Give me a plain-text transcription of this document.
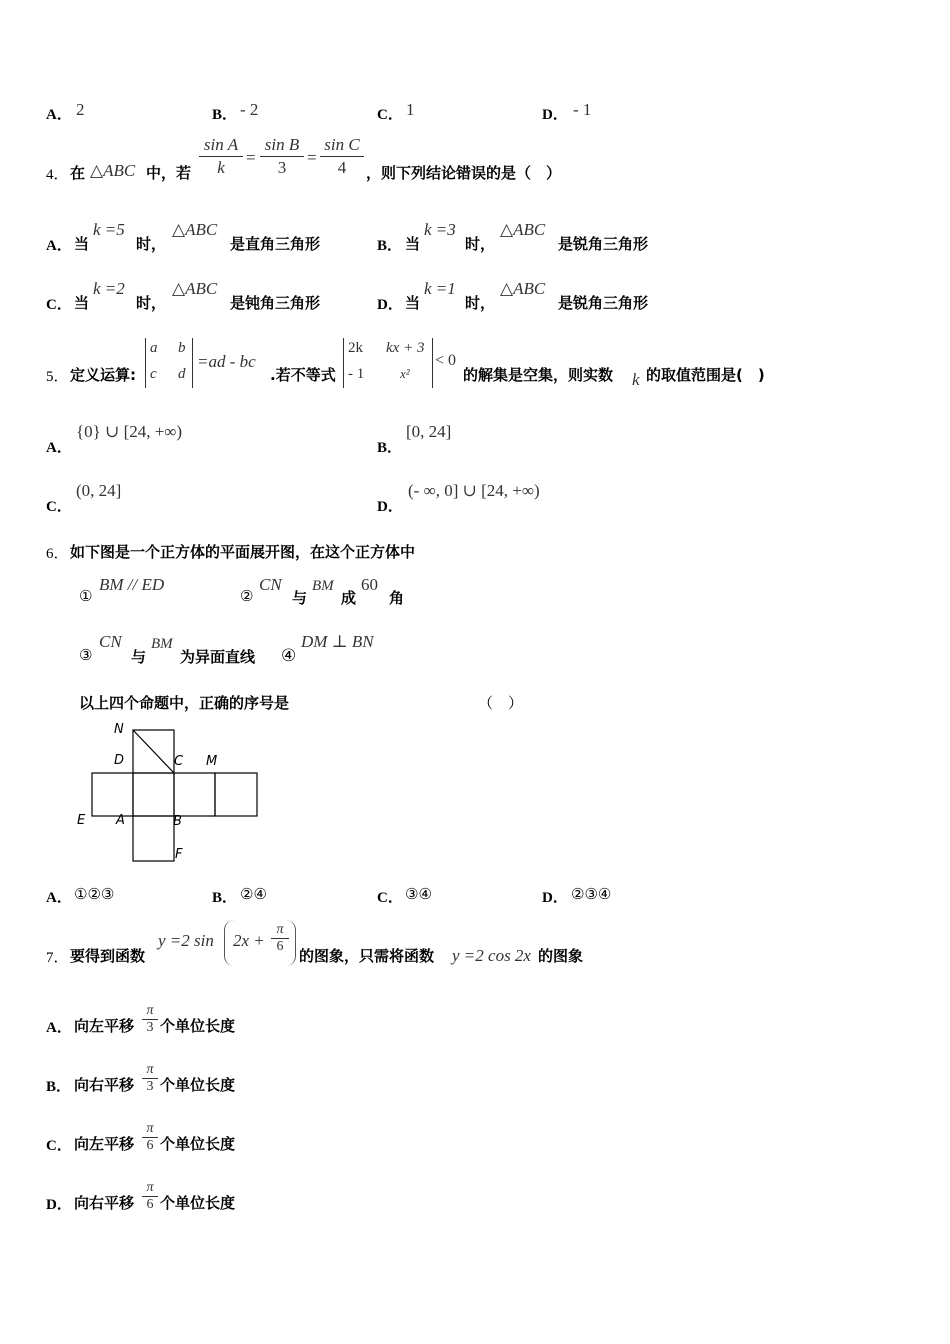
A． 2	B． - 2	C． 1	D． - 1
4． 在 △ABC 中，若 $\frac{\text{sin A}}{k} = \frac{\text{sin B}}{3} = \frac{\text{sin C}}{4}$ ，则下列结论错误的是（　）
A． 当
k =5
时，
△ABC
是直角三角形	B． 当
k =3
时，
△ABC
是锐角三角形
C． 当
k =2
时，
△ABC
是钝角三角形	D． 当
k =1
时，
△ABC
是锐角三角形
5． 定义运算:
a b
c d
=ad - bc
.若不等式
2k kx + 3
- 1	x²
< 0
的解集是空集，则实数 k 的取值范围是(　)
A．
{0} ∪ [24, +∞)
B．
[0, 24]
C．
(0, 24]
D．
(- ∞, 0] ∪ [24, +∞)
6． 如下图是一个正方体的平面展开图，在这个正方体中
①
BM // ED
②
CN
与
BM
成
60
角
③
CN
与
BM
为异面直线 ④
DM ⊥ BN
以上四个命题中，正确的序号是	（　）
N
D	C M
E A	B
F
A． ①②③	B． ②④	C． ③④	D． ②③④
7． 要得到函数
y =2 $\sin 2x + \frac{\pi}{6}$
的图象，只需将函数 y =2 cos 2x 的图象
A． 向左平移 $\frac{\pi}{3}$ 个单位长度
B． 向右平移 $\frac{\pi}{3}$ 个单位长度
C． 向左平移 $\frac{\pi}{6}$ 个单位长度
D． 向右平移 $\frac{\pi}{6}$ 个单位长度
